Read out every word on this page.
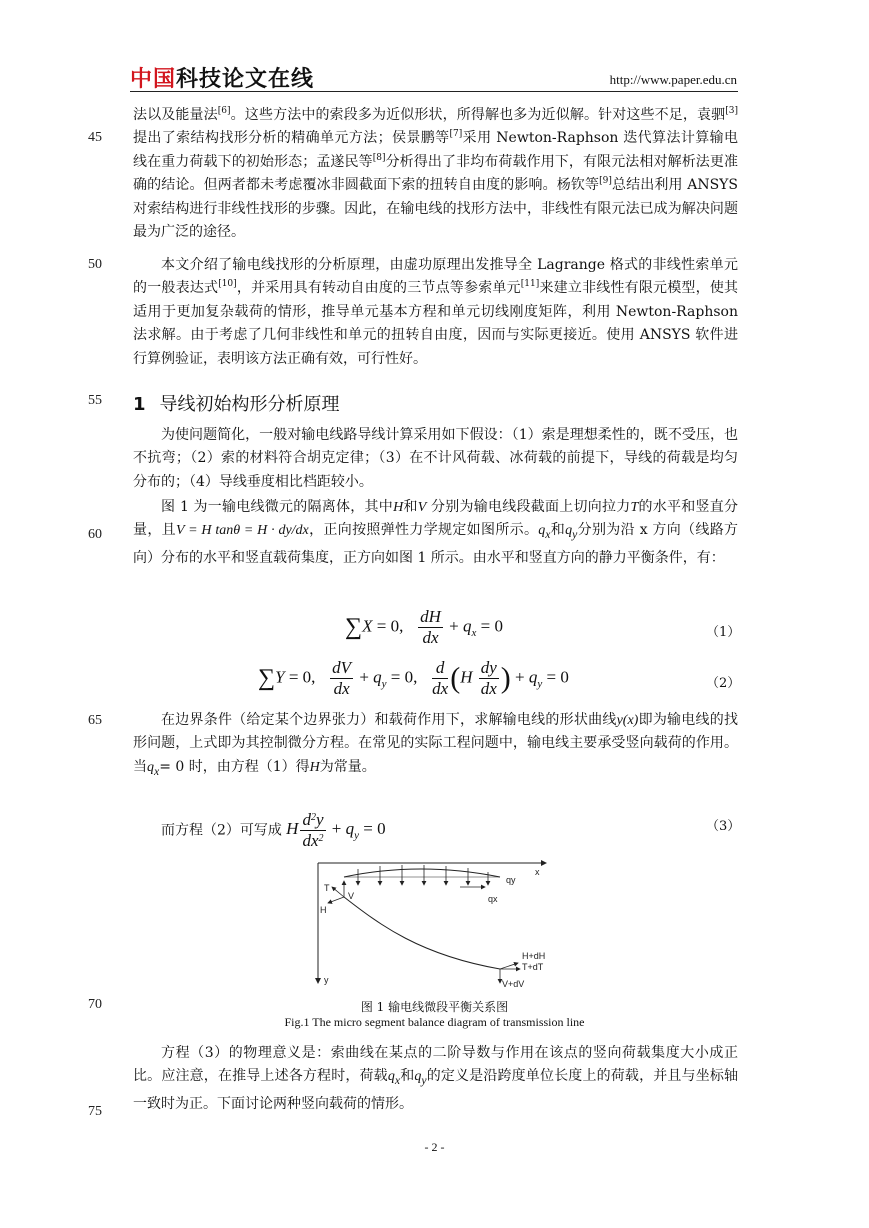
中国科技论文在线	http://www.paper.edu.cn
45
50
55
60
65
70
75
法以及能量法[6]。这些方法中的索段多为近似形状，所得解也多为近似解。针对这些不足，袁驷[3]提出了索结构找形分析的精确单元方法；侯景鹏等[7]采用 Newton-Raphson 迭代算法计算输电线在重力荷载下的初始形态；孟遂民等[8]分析得出了非均布荷载作用下，有限元法相对解析法更准确的结论。但两者都未考虑覆冰非圆截面下索的扭转自由度的影响。杨钦等[9]总结出利用 ANSYS 对索结构进行非线性找形的步骤。因此，在输电线的找形方法中，非线性有限元法已成为解决问题最为广泛的途径。
本文介绍了输电线找形的分析原理，由虚功原理出发推导全 Lagrange 格式的非线性索单元的一般表达式[10]，并采用具有转动自由度的三节点等参索单元[11]来建立非线性有限元模型，使其适用于更加复杂载荷的情形，推导单元基本方程和单元切线刚度矩阵，利用 Newton-Raphson 法求解。由于考虑了几何非线性和单元的扭转自由度，因而与实际更接近。使用 ANSYS 软件进行算例验证，表明该方法正确有效，可行性好。
1 导线初始构形分析原理
为使问题简化，一般对输电线路导线计算采用如下假设：（1）索是理想柔性的，既不受压，也不抗弯；（2）索的材料符合胡克定律；（3）在不计风荷载、冰荷载的前提下，导线的荷载是均匀分布的；（4）导线垂度相比档距较小。
图 1 为一输电线微元的隔离体，其中H和V 分别为输电线段截面上切向拉力T的水平和竖直分量，且V = H tanθ = H · dy/dx，正向按照弹性力学规定如图所示。$q_x$和$q_y$分别为沿 x 方向（线路方向）分布的水平和竖直载荷集度，正方向如图 1 所示。由水平和竖直方向的静力平衡条件，有：
∑X = 0, $\frac{dH}{dx} + q_x = 0$	（1）
∑Y = 0, $\frac{dV}{dx} + q_y = 0$, $\frac{d}{dx} (H \frac{dy}{dx}$ ) + $q_y = 0$	（2）
在边界条件（给定某个边界张力）和载荷作用下，求解输电线的形状曲线y(x)即为输电线的找形问题，上式即为其控制微分方程。在常见的实际工程问题中，输电线主要承受竖向载荷的作用。当$q_x= 0$ 时，由方程（1）得H为常量。
而方程（2）可写成 H $\frac{d^2y}{dx^2} + q_y = 0$	（3）
T
V
H
qy
qx
x
y
H+dH
T+dT
V+dV
图 1 输电线微段平衡关系图
Fig.1 The micro segment balance diagram of transmission line
方程（3）的物理意义是：索曲线在某点的二阶导数与作用在该点的竖向荷载集度大小成正比。应注意，在推导上述各方程时，荷载$q_x$和$q_y$的定义是沿跨度单位长度上的荷载，并且与坐标轴一致时为正。下面讨论两种竖向载荷的情形。
- 2 -
